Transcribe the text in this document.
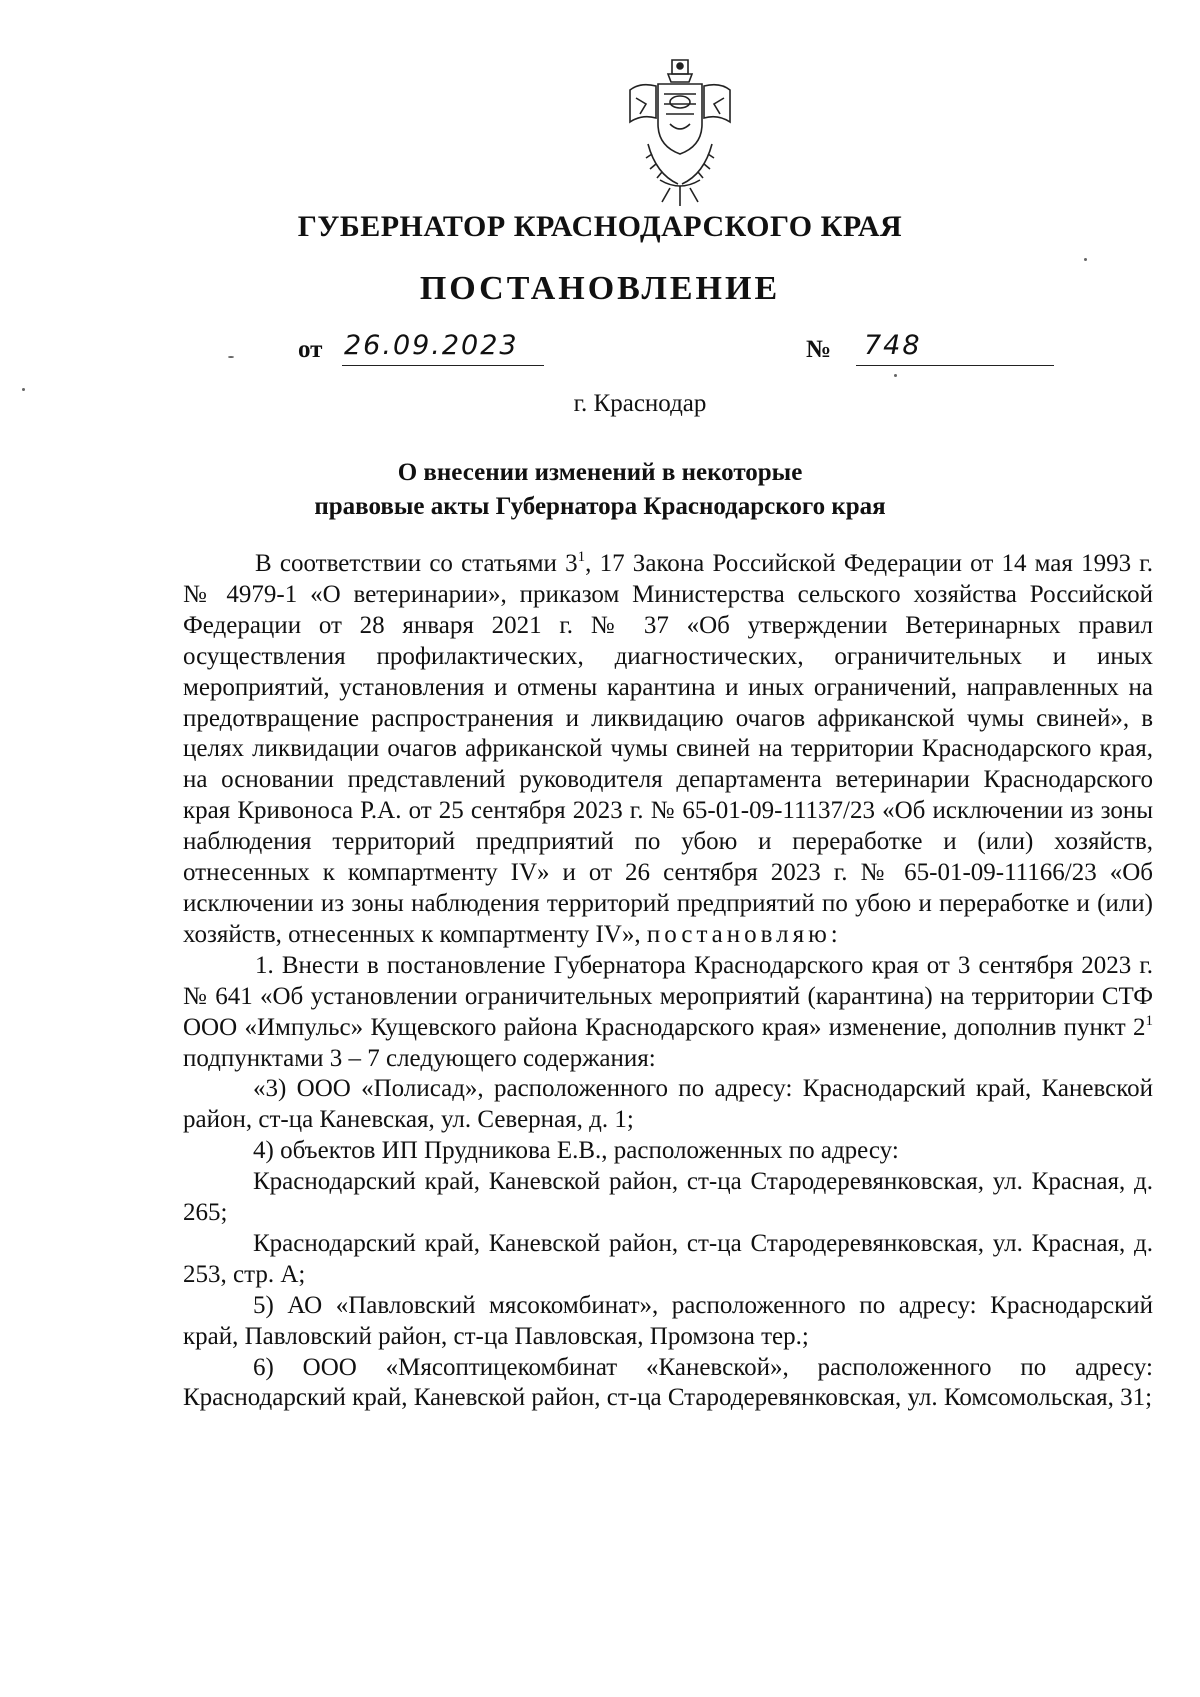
ГУБЕРНАТОР КРАСНОДАРСКОГО КРАЯ
ПОСТАНОВЛЕНИЕ
от 26.09.2023	№ 748
г. Краснодар
О внесении изменений в некоторые
правовые акты Губернатора Краснодарского края

В соответствии со статьями $3^1$, 17 Закона Российской Федерации от 14 мая 1993 г. № 4979-1 «О ветеринарии», приказом Министерства сельского хозяйства Российской Федерации от 28 января 2021 г. № 37 «Об утверждении Ветеринарных правил осуществления профилактических, диагностических, ограничительных и иных мероприятий, установления и отмены карантина и иных ограничений, направленных на предотвращение распространения и ликвидацию очагов африканской чумы свиней», в целях ликвидации очагов африканской чумы свиней на территории Краснодарского края, на основании представлений руководителя департамента ветеринарии Краснодарского края Кривоноса Р.А. от 25 сентября 2023 г. № 65-01-09-11137/23 «Об исключении из зоны наблюдения территорий предприятий по убою и переработке и (или) хозяйств, отнесенных к компартменту IV» и от 26 сентября 2023 г. № 65-01-09-11166/23 «Об исключении из зоны наблюдения территорий предприятий по убою и переработке и (или) хозяйств, отнесенных к компартменту IV», постановляю:

1. Внести в постановление Губернатора Краснодарского края от 3 сентября 2023 г. № 641 «Об установлении ограничительных мероприятий (карантина) на территории СТФ ООО «Импульс» Кущевского района Краснодарского края» изменение, дополнив пункт $2^1$ подпунктами 3 – 7 следующего содержания:

«3) ООО «Полисад», расположенного по адресу: Краснодарский край, Каневской район, ст-ца Каневская, ул. Северная, д. 1;

4) объектов ИП Прудникова Е.В., расположенных по адресу:

Краснодарский край, Каневской район, ст-ца Стародеревянковская, ул. Красная, д. 265;

Краснодарский край, Каневской район, ст-ца Стародеревянковская, ул. Красная, д. 253, стр. А;

5) АО «Павловский мясокомбинат», расположенного по адресу: Краснодарский край, Павловский район, ст-ца Павловская, Промзона тер.;

6) ООО «Мясоптицекомбинат «Каневской», расположенного по адресу: Краснодарский край, Каневской район, ст-ца Стародеревянковская, ул. Комсомольская, 31;
